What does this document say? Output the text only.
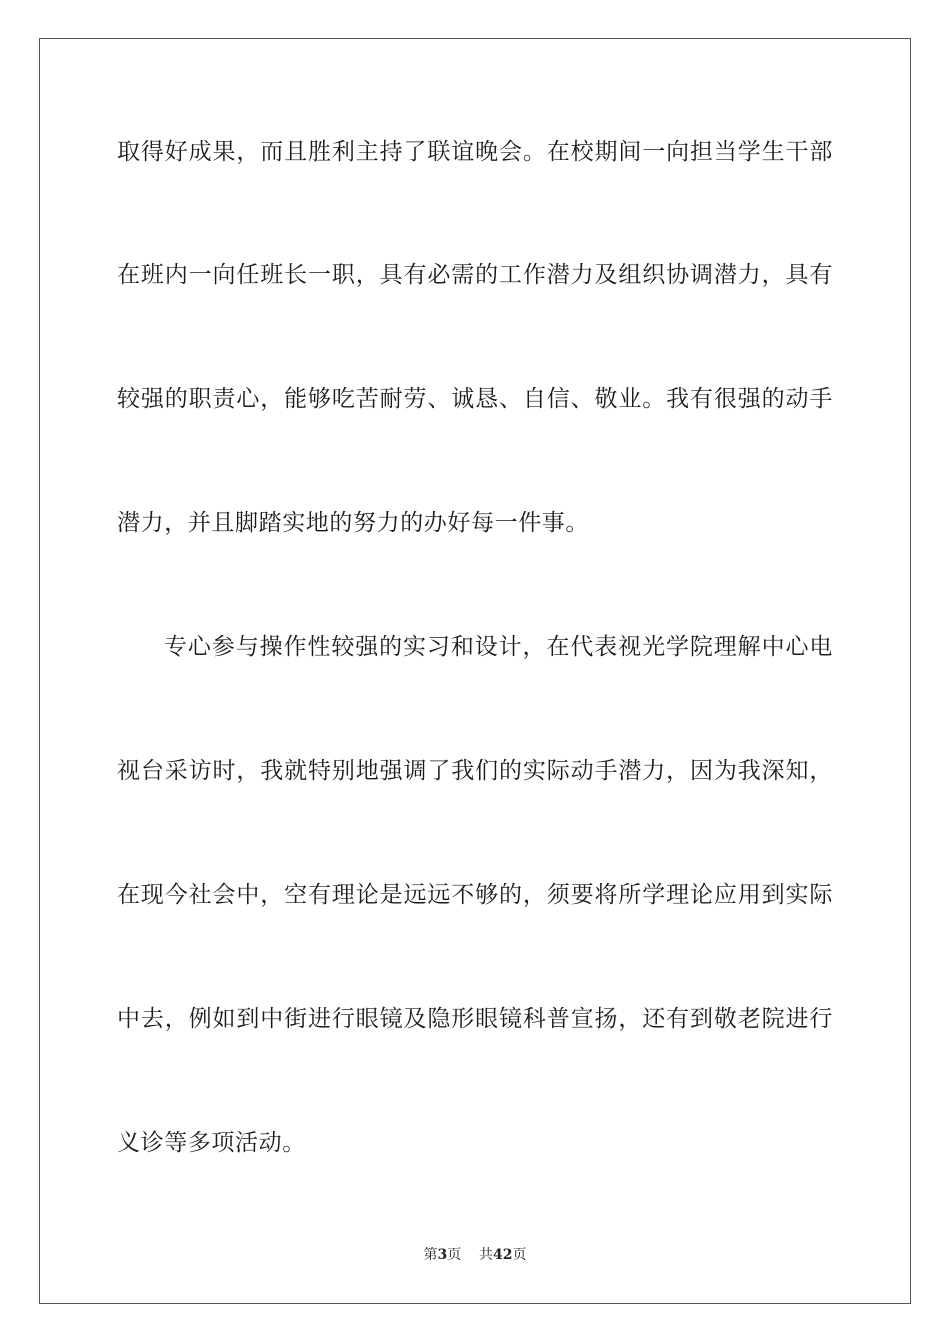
取得好成果，而且胜利主持了联谊晚会。在校期间一向担当学生干部

在班内一向任班长一职，具有必需的工作潜力及组织协调潜力，具有

较强的职责心，能够吃苦耐劳、诚恳、自信、敬业。我有很强的动手

潜力，并且脚踏实地的努力的办好每一件事。

专心参与操作性较强的实习和设计，在代表视光学院理解中心电

视台采访时，我就特别地强调了我们的实际动手潜力，因为我深知，

在现今社会中，空有理论是远远不够的，须要将所学理论应用到实际

中去，例如到中街进行眼镜及隐形眼镜科普宣扬，还有到敬老院进行

义诊等多项活动。

第3页 共42页
